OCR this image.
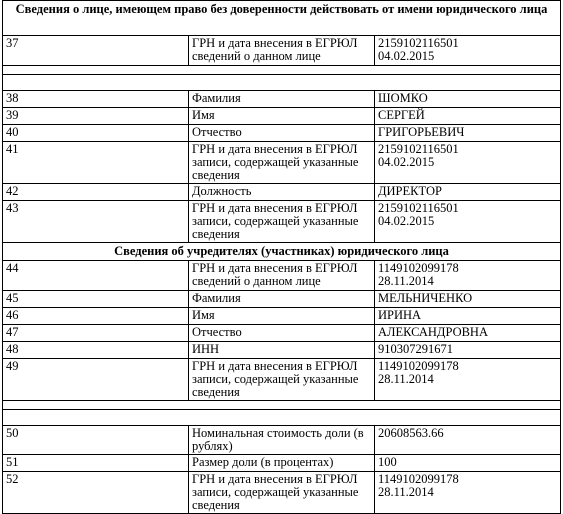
Сведения о лице, имеющем право без доверенности действовать от имени юридического лица		
37	ГРН и дата внесения в ЕГРЮЛ сведений о данном лице	2159102116501
04.02.2015

38	Фамилия	ШОМКО
39	Имя	СЕРГЕЙ
40	Отчество	ГРИГОРЬЕВИЧ
41	ГРН и дата внесения в ЕГРЮЛ записи, содержащей указанные сведения	2159102116501
04.02.2015
42	Должность	ДИРЕКТОР
43	ГРН и дата внесения в ЕГРЮЛ записи, содержащей указанные сведения	2159102116501
04.02.2015
Сведения об учредителях (участниках) юридического лица		
44	ГРН и дата внесения в ЕГРЮЛ сведений о данном лице	1149102099178
28.11.2014
45	Фамилия	МЕЛЬНИЧЕНКО
46	Имя	ИРИНА
47	Отчество	АЛЕКСАНДРОВНА
48	ИНН	910307291671
49	ГРН и дата внесения в ЕГРЮЛ записи, содержащей указанные сведения	1149102099178
28.11.2014

50	Номинальная стоимость доли (в рублях)	20608563.66
51	Размер доли (в процентах)	100
52	ГРН и дата внесения в ЕГРЮЛ записи, содержащей указанные сведения	1149102099178
28.11.2014
